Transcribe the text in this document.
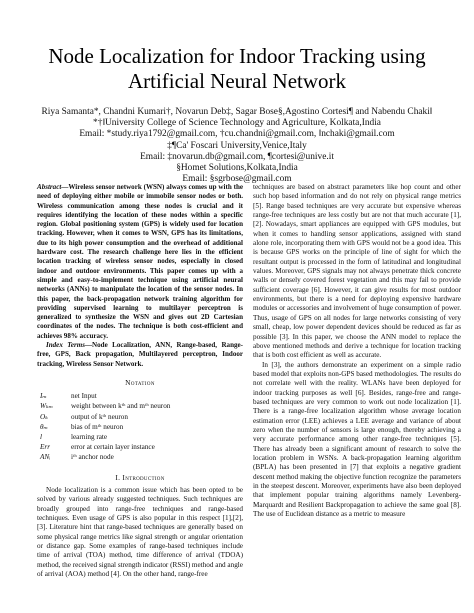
Node Localization for Indoor Tracking using
Artificial Neural Network
Riya Samanta*, Chandni Kumari†, Novarun Deb‡, Sagar Bose§,Agostino Cortesi¶ and Nabendu Chaki‖
*†‖University College of Science Technology and Agriculture, Kolkata,India
Email: *study.riya1792@gmail.com, †cu.chandni@gmail.com, ‖nchaki@gmail.com
‡¶Ca' Foscari University,Venice,Italy
Email: ‡novarun.db@gmail.com, ¶cortesi@unive.it
§Homet Solutions,Kolkata,India
Email: §sgrbose@gmail.com

Abstract—Wireless sensor network (WSN) always comes up with the need of deploying either mobile or immobile sensor nodes or both. Wireless communication among these nodes is crucial and it requires identifying the location of these nodes within a specific region. Global positioning system (GPS) is widely used for location tracking. However, when it comes to WSN, GPS has its limitations, due to its high power consumption and the overhead of additional hardware cost. The research challenge here lies in the efficient location tracking of wireless sensor nodes, especially in closed indoor and outdoor environments. This paper comes up with a simple and easy-to-implement technique using artificial neural networks (ANNs) to manipulate the location of the sensor nodes. In this paper, the back-propagation network training algorithm for providing supervised learning to multilayer perceptron is generalized to synthesize the WSN and gives out 2D Cartesian coordinates of the nodes. The technique is both cost-efficient and achieves 98% accuracy.

Index Terms—Node Localization, ANN, Range-based, Range-free, GPS, Back propagation, Multilayered perceptron, Indoor tracking, Wireless Sensor Network.

Notation
Iₘ	net Input
Wₖₘ	weight between kᵗʰ and mᵗʰ neuron
Oₖ	output of kᵗʰ neuron
θₘ	bias of mᵗʰ neuron
l	learning rate
Err	error at certain layer instance
ANᵢ	iᵗʰ anchor node
I. Introduction

Node localization is a common issue which has been opted to be solved by various already suggested techniques. Such techniques are broadly grouped into range-free techniques and range-based techniques. Even usage of GPS is also popular in this respect [1],[2],[3]. Literature hint that range-based techniques are generally based on some physical range metrics like signal strength or angular orientation or distance gap. Some examples of range-based techniques include time of arrival (TOA) method, time difference of arrival (TDOA) method, the received signal strength indicator (RSSI) method and angle of arrival (AOA) method [4]. On the other hand, range-free

techniques are based on abstract parameters like hop count and other such hop based information and do not rely on physical range metrics [5]. Range based techniques are very accurate but expensive whereas range-free techniques are less costly but are not that much accurate [1],[2]. Nowadays, smart appliances are equipped with GPS modules, but when it comes to handling sensor applications, assigned with stand alone role, incorporating them with GPS would not be a good idea. This is because GPS works on the principle of line of sight for which the resultant output is processed in the form of latitudinal and longitudinal values. Moreover, GPS signals may not always penetrate thick concrete walls or densely covered forest vegetation and this may fail to provide sufficient coverage [6]. However, it can give results for most outdoor environments, but there is a need for deploying expensive hardware modules or accessories and involvement of huge consumption of power. Thus, usage of GPS on all nodes for large networks consisting of very small, cheap, low power dependent devices should be reduced as far as possible [3]. In this paper, we choose the ANN model to replace the above mentioned methods and derive a technique for location tracking that is both cost efficient as well as accurate.

In [3], the authors demonstrate an experiment on a simple radio based model that exploits non-GPS based methodologies. The results do not correlate well with the reality. WLANs have been deployed for indoor tracking purposes as well [6]. Besides, range-free and range-based techniques are very common to work out node localization [1]. There is a range-free localization algorithm whose average location estimation error (LEE) achieves a LEE average and variance of about zero when the number of sensors is large enough, thereby achieving a very accurate performance among other range-free techniques [5]. There has already been a significant amount of research to solve the location problem in WSNs. A back-propagation learning algorithm (BPLA) has been presented in [7] that exploits a negative gradient descent method making the objective function recognize the parameters in the steepest descent. Moreover, experiments have also been deployed that implement popular training algorithms namely Levenberg-Marquardt and Resilient Backpropagation to achieve the same goal [8]. The use of Euclidean distance as a metric to measure
